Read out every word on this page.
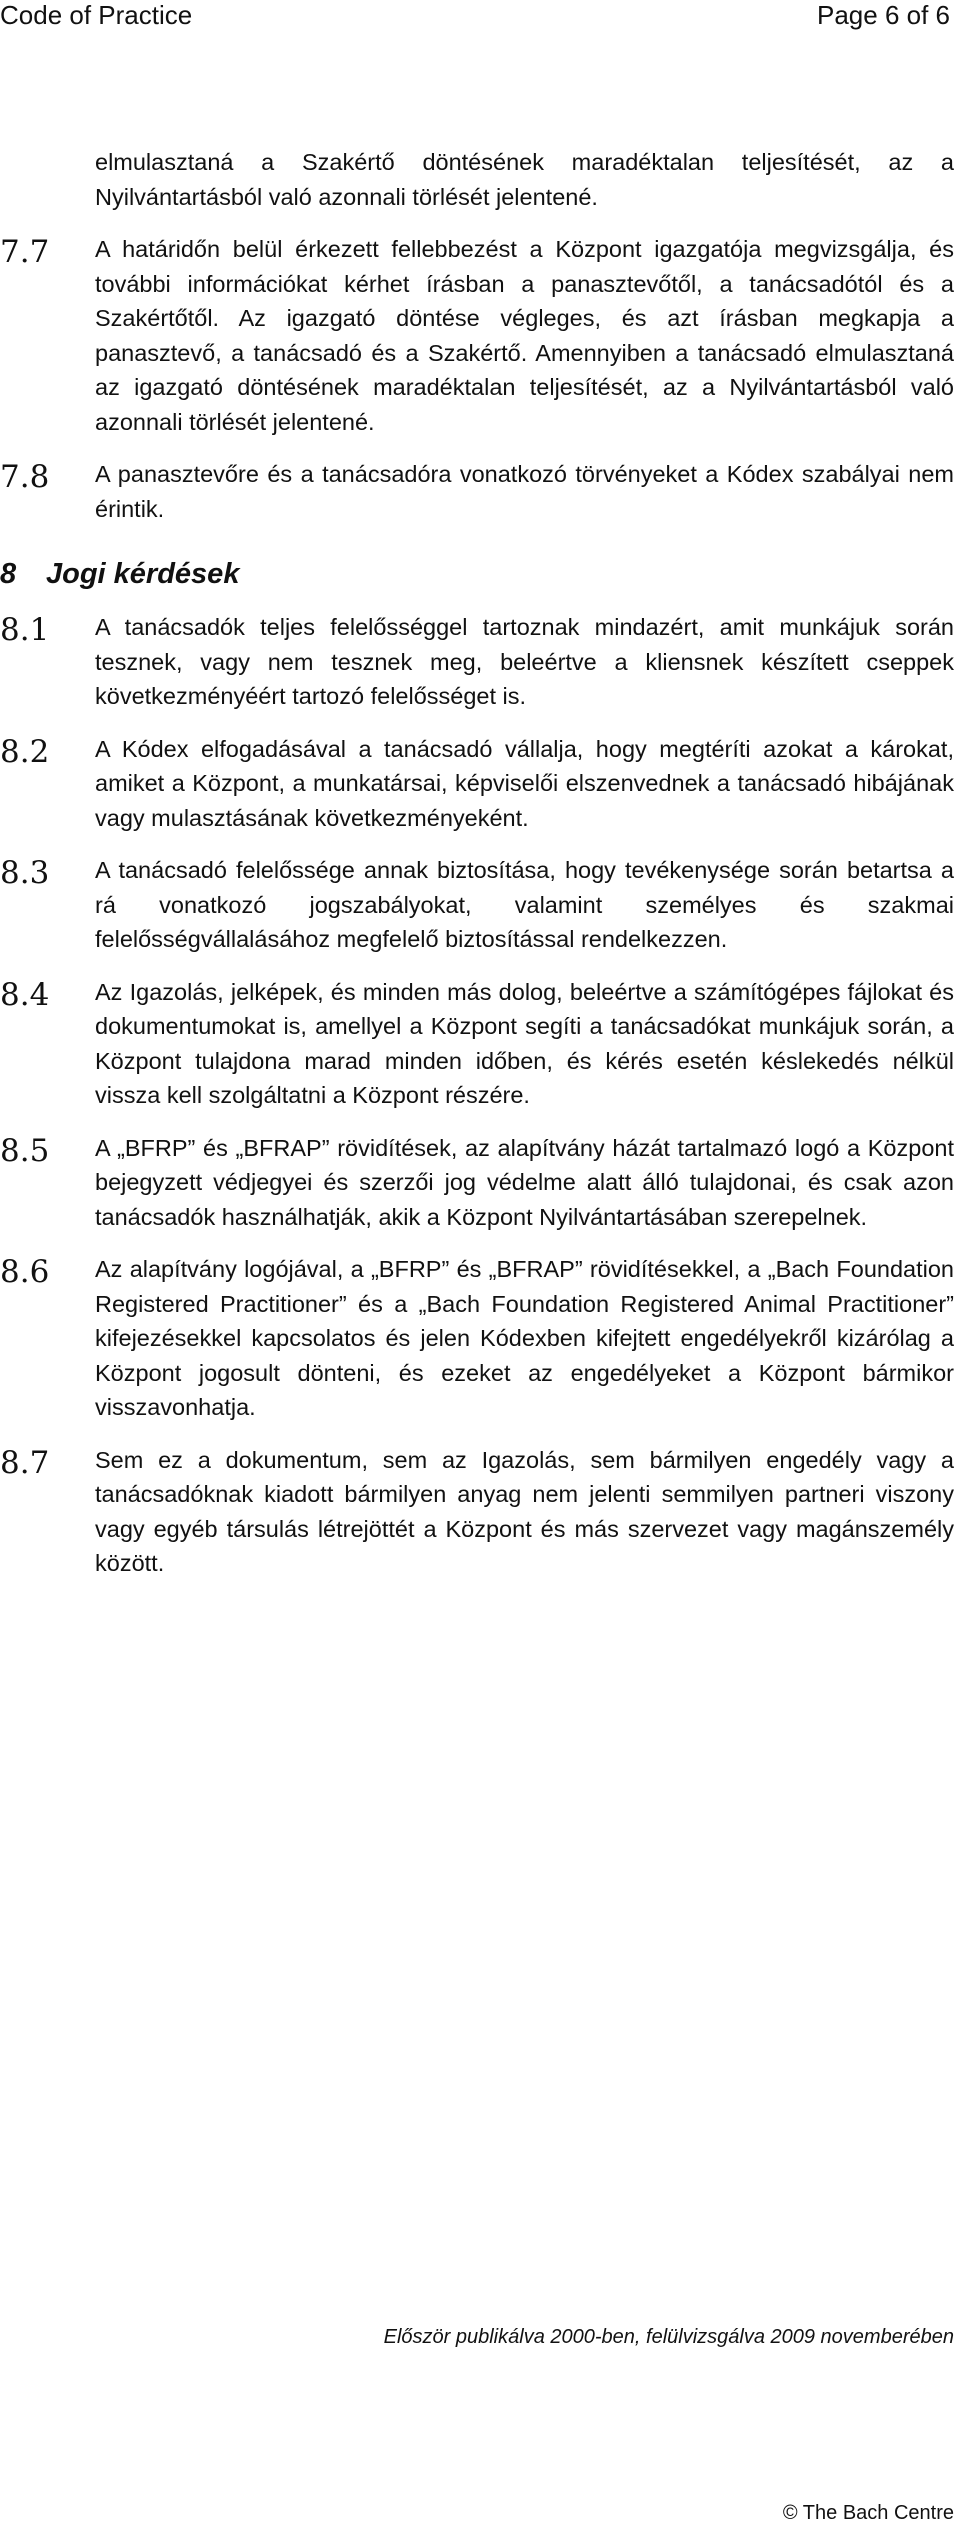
Code of Practice	Page 6 of 6
elmulasztaná a Szakértő döntésének maradéktalan teljesítését, az a Nyilvántartásból való azonnali törlését jelentené.
7.7 A határidőn belül érkezett fellebbezést a Központ igazgatója megvizsgálja, és további információkat kérhet írásban a panasztevőtől, a tanácsadótól és a Szakértőtől. Az igazgató döntése végleges, és azt írásban megkapja a panasztevő, a tanácsadó és a Szakértő. Amennyiben a tanácsadó elmulasztaná az igazgató döntésének maradéktalan teljesítését, az a Nyilvántartásból való azonnali törlését jelentené.
7.8 A panasztevőre és a tanácsadóra vonatkozó törvényeket a Kódex szabályai nem érintik.
8 Jogi kérdések
8.1 A tanácsadók teljes felelősséggel tartoznak mindazért, amit munkájuk során tesznek, vagy nem tesznek meg, beleértve a kliensnek készített cseppek következményéért tartozó felelősséget is.
8.2 A Kódex elfogadásával a tanácsadó vállalja, hogy megtéríti azokat a károkat, amiket a Központ, a munkatársai, képviselői elszenvednek a tanácsadó hibájának vagy mulasztásának következményeként.
8.3 A tanácsadó felelőssége annak biztosítása, hogy tevékenysége során betartsa a rá vonatkozó jogszabályokat, valamint személyes és szakmai felelősségvállalásához megfelelő biztosítással rendelkezzen.
8.4 Az Igazolás, jelképek, és minden más dolog, beleértve a számítógépes fájlokat és dokumentumokat is, amellyel a Központ segíti a tanácsadókat munkájuk során, a Központ tulajdona marad minden időben, és kérés esetén késlekedés nélkül vissza kell szolgáltatni a Központ részére.
8.5 A „BFRP” és „BFRAP” rövidítések, az alapítvány házát tartalmazó logó a Központ bejegyzett védjegyei és szerzői jog védelme alatt álló tulajdonai, és csak azon tanácsadók használhatják, akik a Központ Nyilvántartásában szerepelnek.
8.6 Az alapítvány logójával, a „BFRP” és „BFRAP” rövidítésekkel, a „Bach Foundation Registered Practitioner” és a „Bach Foundation Registered Animal Practitioner” kifejezésekkel kapcsolatos és jelen Kódexben kifejtett engedélyekről kizárólag a Központ jogosult dönteni, és ezeket az engedélyeket a Központ bármikor visszavonhatja.
8.7 Sem ez a dokumentum, sem az Igazolás, sem bármilyen engedély vagy a tanácsadóknak kiadott bármilyen anyag nem jelenti semmilyen partneri viszony vagy egyéb társulás létrejöttét a Központ és más szervezet vagy magánszemély között.
Először publikálva 2000-ben, felülvizsgálva 2009 novemberében
© The Bach Centre
